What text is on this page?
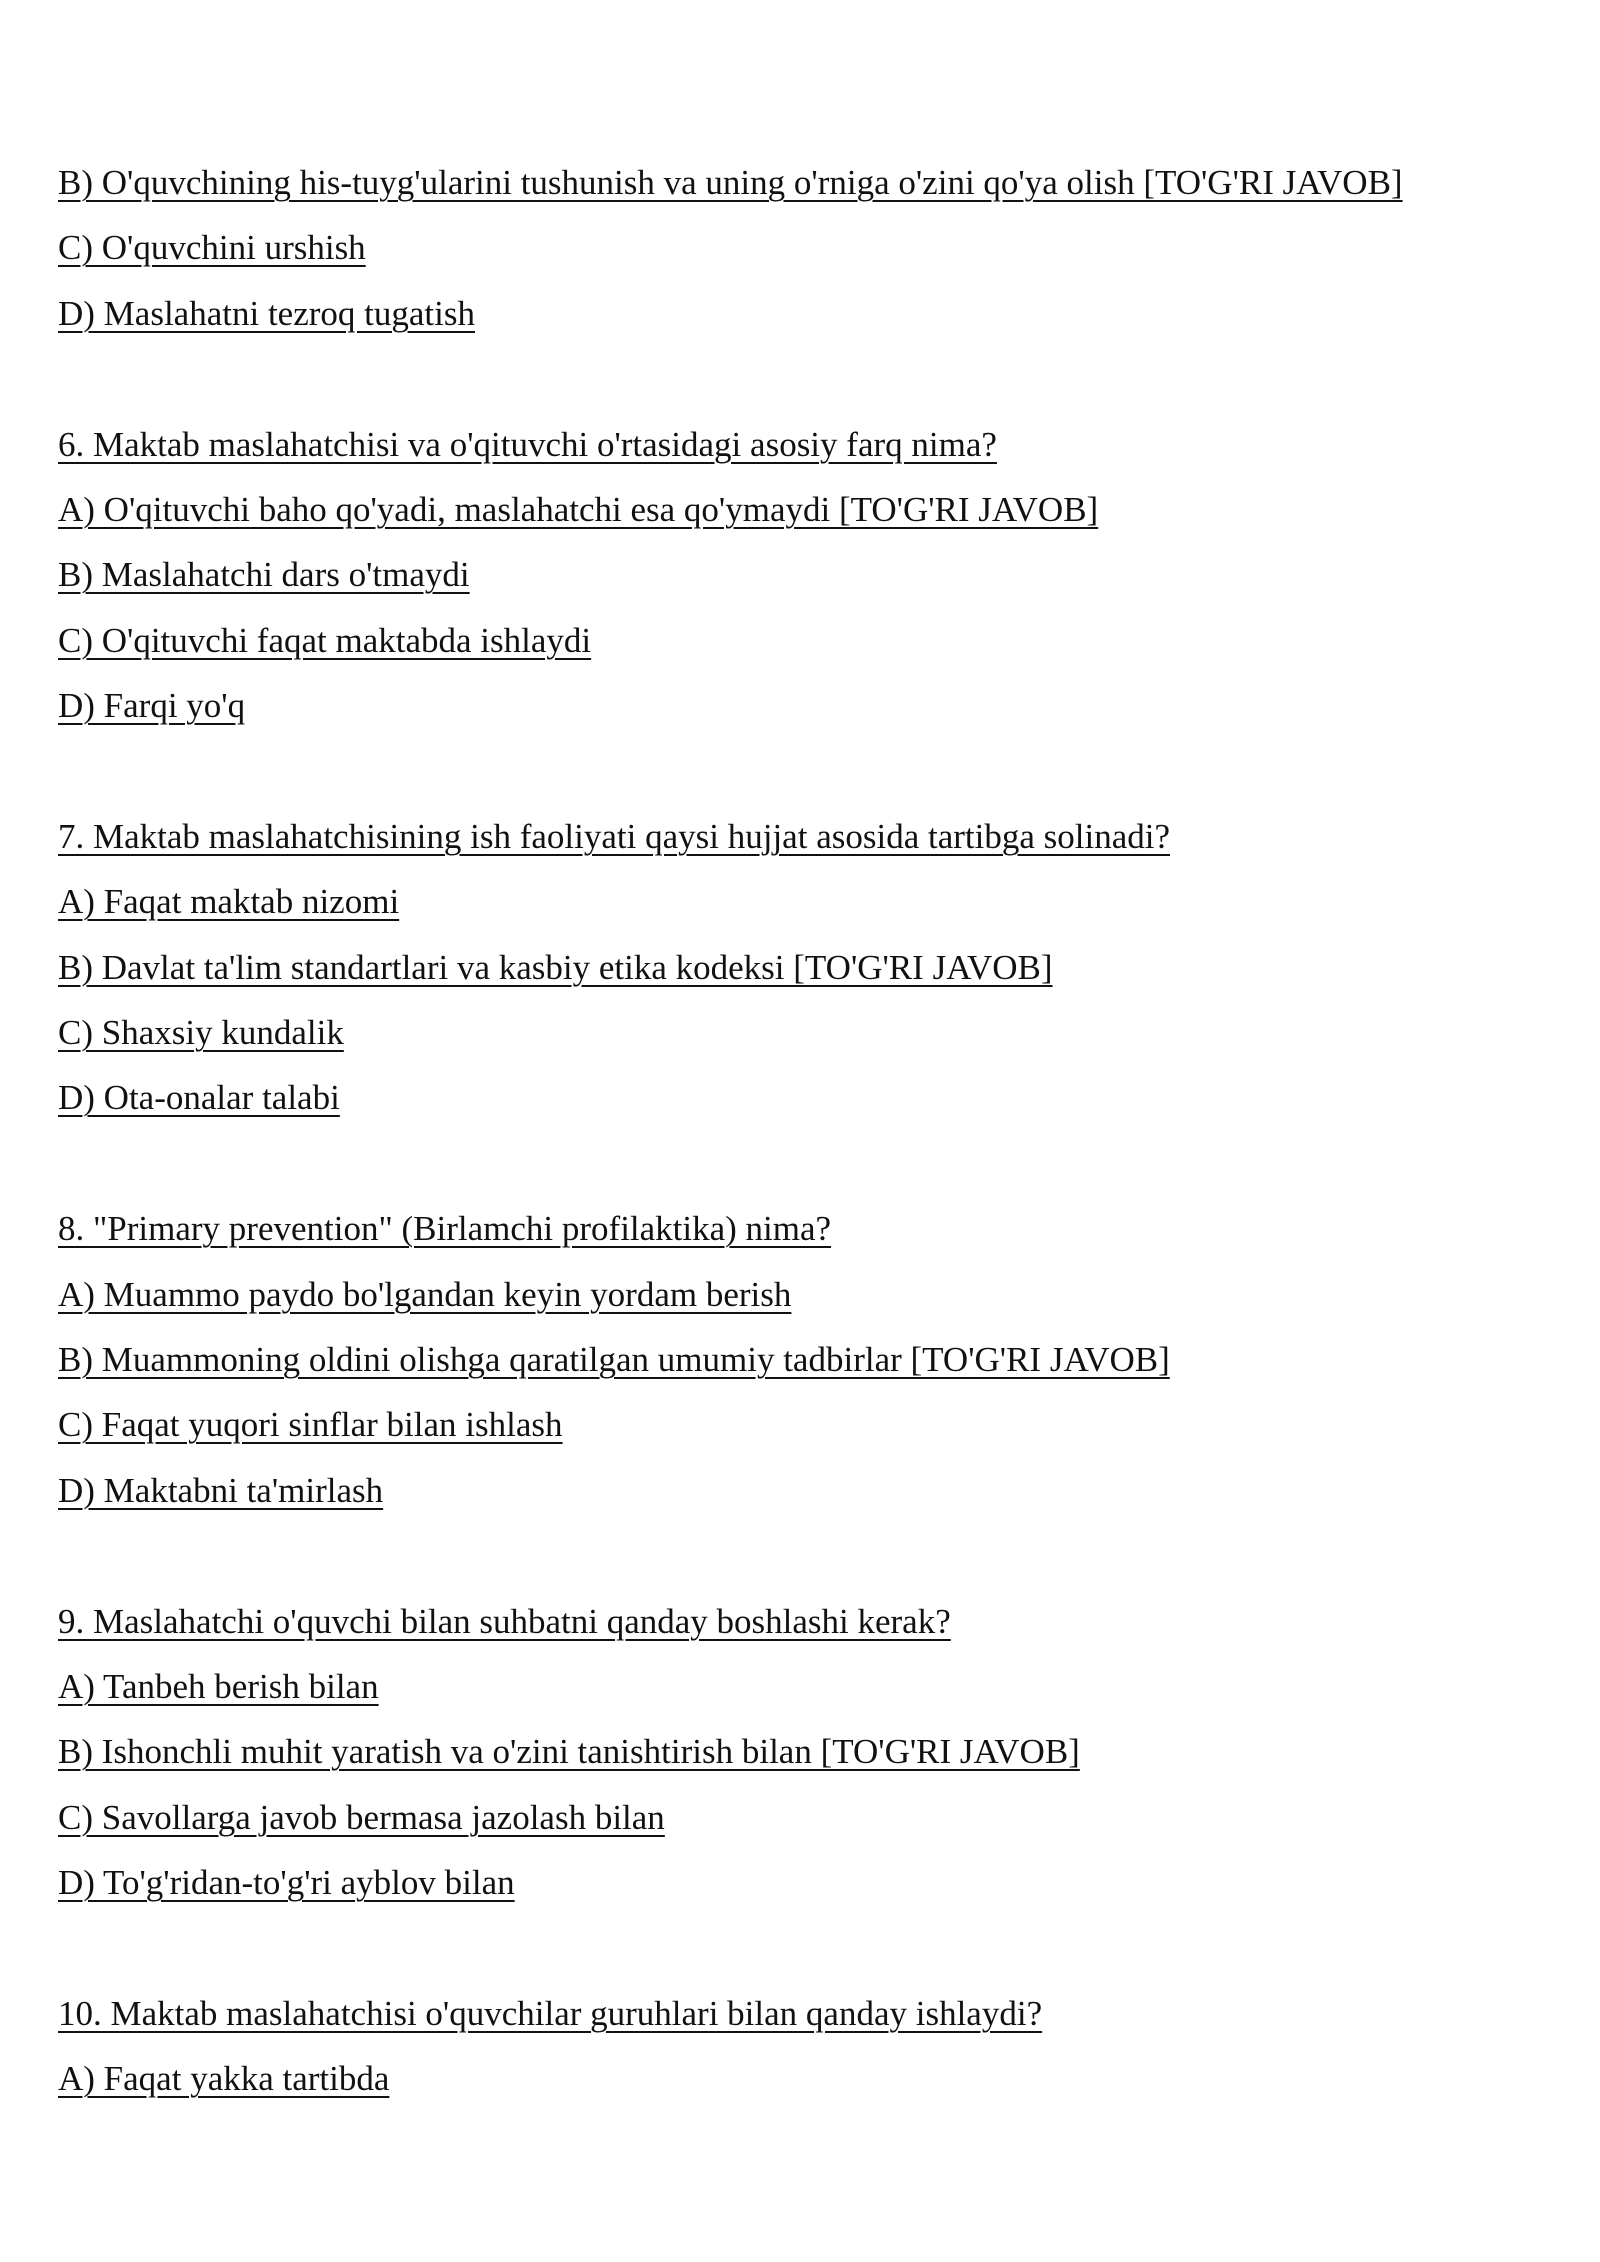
B) O'quvchining his-tuyg'ularini tushunish va uning o'rniga o'zini qo'ya olish [TO'G'RI JAVOB]
C) O'quvchini urshish
D) Maslahatni tezroq tugatish
6. Maktab maslahatchisi va o'qituvchi o'rtasidagi asosiy farq nima?
A) O'qituvchi baho qo'yadi, maslahatchi esa qo'ymaydi [TO'G'RI JAVOB]
B) Maslahatchi dars o'tmaydi
C) O'qituvchi faqat maktabda ishlaydi
D) Farqi yo'q
7. Maktab maslahatchisining ish faoliyati qaysi hujjat asosida tartibga solinadi?
A) Faqat maktab nizomi
B) Davlat ta'lim standartlari va kasbiy etika kodeksi [TO'G'RI JAVOB]
C) Shaxsiy kundalik
D) Ota-onalar talabi
8. "Primary prevention" (Birlamchi profilaktika) nima?
A) Muammo paydo bo'lgandan keyin yordam berish
B) Muammoning oldini olishga qaratilgan umumiy tadbirlar [TO'G'RI JAVOB]
C) Faqat yuqori sinflar bilan ishlash
D) Maktabni ta'mirlash
9. Maslahatchi o'quvchi bilan suhbatni qanday boshlashi kerak?
A) Tanbeh berish bilan
B) Ishonchli muhit yaratish va o'zini tanishtirish bilan [TO'G'RI JAVOB]
C) Savollarga javob bermasa jazolash bilan
D) To'g'ridan-to'g'ri ayblov bilan
10. Maktab maslahatchisi o'quvchilar guruhlari bilan qanday ishlaydi?
A) Faqat yakka tartibda
